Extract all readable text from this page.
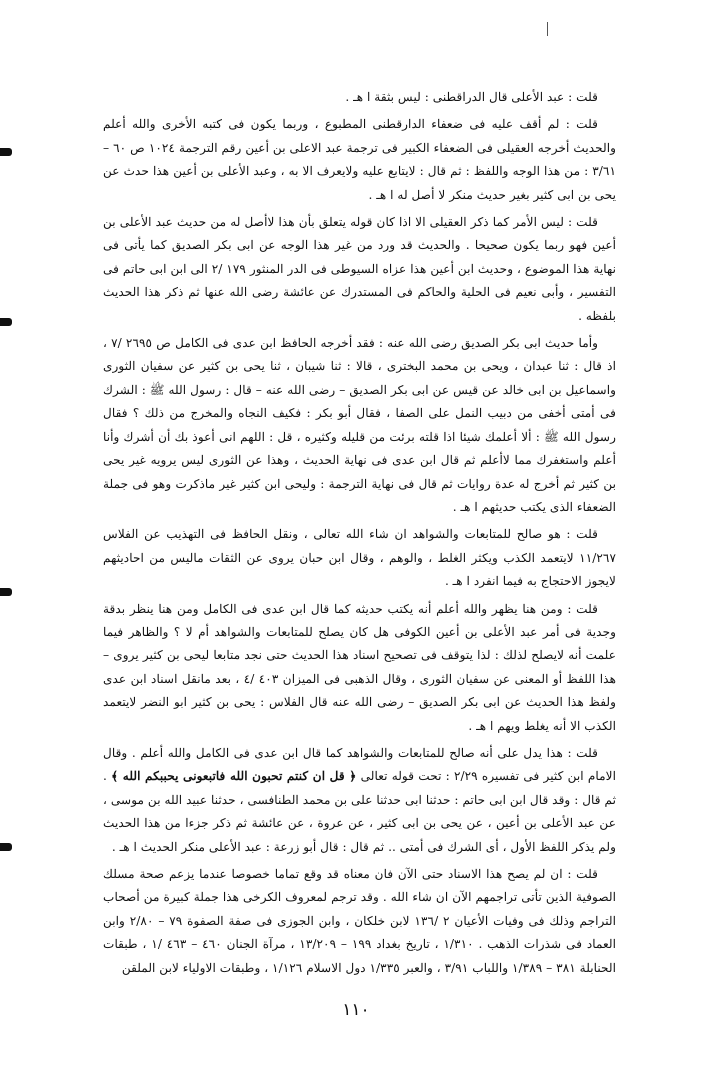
قلت : عبد الأعلى قال الدراقطنى : ليس بثقة ا هـ .

قلت : لم أقف عليه فى ضعفاء الدارقطنى المطبوع ، وربما يكون فى كتبه الأخرى والله أعلم والحديث أخرجه العقيلى فى الضعفاء الكبير فى ترجمة عبد الاعلى بن أعين رقم الترجمة ١٠٢٤ ص ٦٠ – ٣/٦١ : من هذا الوجه واللفظ : ثم قال : لايتابع عليه ولايعرف الا به ، وعبد الأعلى بن أعين هذا حدث عن يحى بن ابى كثير بغير حديث منكر لا أصل له ا هـ .

قلت : ليس الأمر كما ذكر العقيلى الا اذا كان قوله يتعلق بأن هذا لاأصل له من حديث عبد الأعلى بن أعين فهو ربما يكون صحيحا . والحديث قد ورد من غير هذا الوجه عن ابى بكر الصديق كما يأتى فى نهاية هذا الموضوع ، وحديث ابن أعين هذا عزاه السيوطى فى الدر المنثور ١٧٩ /٢ الى ابن ابى حاتم فى التفسير ، وأبى نعيم فى الحلية والحاكم فى المستدرك عن عائشة رضى الله عنها ثم ذكر هذا الحديث بلفظه .

وأما حديث ابى بكر الصديق رضى الله عنه : فقد أخرجه الحافظ ابن عدى فى الكامل ص ٢٦٩٥ /٧ ، اذ قال : ثنا عبدان ، ويحى بن محمد البخترى ، قالا : ثنا شيبان ، ثنا يحى بن كثير عن سفيان الثورى واسماعيل بن ابى خالد عن قيس عن ابى بكر الصديق – رضى الله عنه – قال : رسول الله ﷺ : الشرك فى أمتى أخفى من دبيب النمل على الصفا ، فقال أبو بكر : فكيف النجاه والمخرج من ذلك ؟ فقال رسول الله ﷺ : ألا أعلمك شيئا اذا قلته برئت من قليله وكثيره ، قل : اللهم انى أعوذ بك أن أشرك وأنا أعلم واستغفرك مما لاأعلم ثم قال ابن عدى فى نهاية الحديث ، وهذا عن الثورى ليس يرويه غير يحى بن كثير ثم أخرج له عدة روايات ثم قال فى نهاية الترجمة : وليحى ابن كثير غير ماذكرت وهو فى جملة الضعفاء الذى يكتب حديثهم ا هـ .

قلت : هو صالح للمتابعات والشواهد ان شاء الله تعالى ، ونقل الحافظ فى التهذيب عن الفلاس ١١/٢٦٧ لايتعمد الكذب ويكثر الغلط ، والوهم ، وقال ابن حبان يروى عن الثقات ماليس من احاديثهم لايجوز الاحتجاج به فيما انفرد ا هـ .

قلت : ومن هنا يظهر والله أعلم أنه يكتب حديثه كما قال ابن عدى فى الكامل ومن هنا ينظر بدقة وجدية فى أمر عبد الأعلى بن أعين الكوفى هل كان يصلح للمتابعات والشواهد أم لا ؟ والظاهر فيما علمت أنه لايصلح لذلك : لذا يتوقف فى تصحيح اسناد هذا الحديث حتى نجد متابعا ليحى بن كثير يروى – هذا اللفظ أو المعنى عن سفيان الثورى ، وقال الذهبى فى الميزان ٤٠٣ /٤ ، بعد مانقل اسناد ابن عدى ولفظ هذا الحديث عن ابى بكر الصديق – رضى الله عنه قال الفلاس : يحى بن كثير ابو النضر لايتعمد الكذب الا أنه يغلط ويهم ا هـ .

قلت : هذا يدل على أنه صالح للمتابعات والشواهد كما قال ابن عدى فى الكامل والله أعلم . وقال الامام ابن كثير فى تفسيره ٢/٢٩ : تحت قوله تعالى ﴿ قل ان كنتم تحبون الله فاتبعونى يحببكم الله ﴾ . ثم قال : وقد قال ابن ابى حاتم : حدثنا ابى حدثنا على بن محمد الطنافسى ، حدثنا عبيد الله بن موسى ، عن عبد الأعلى بن أعين ، عن يحى بن ابى كثير ، عن عروة ، عن عائشة ثم ذكر جزءا من هذا الحديث ولم يذكر اللفظ الأول ، أى الشرك فى أمتى .. ثم قال : قال أبو زرعة : عبد الأعلى منكر الحديث ا هـ .

قلت : ان لم يصح هذا الاسناد حتى الآن فان معناه قد وقع تماما خصوصا عندما يزعم صحة مسلك الصوفية الذين تأتى تراجمهم الآن ان شاء الله . وقد ترجم لمعروف الكرخى هذا جملة كبيرة من أصحاب التراجم وذلك فى وفيات الأعيان ٢ /١٣٦ لابن خلكان ، وابن الجوزى فى صفة الصفوة ٧٩ – ٢/٨٠ وابن العماد فى شذرات الذهب . ١/٣١٠ ، تاريخ بغداد ١٩٩ – ١٣/٢٠٩ ، مرآة الجنان ٤٦٠ – ٤٦٣ /١ ، طبقات الحنابلة ٣٨١ – ١/٣٨٩ واللباب ٣/٩١ ، والعبر ١/٣٣٥ دول الاسلام ١/١٢٦ ، وطبقات الاولياء لابن الملقن

١١٠
